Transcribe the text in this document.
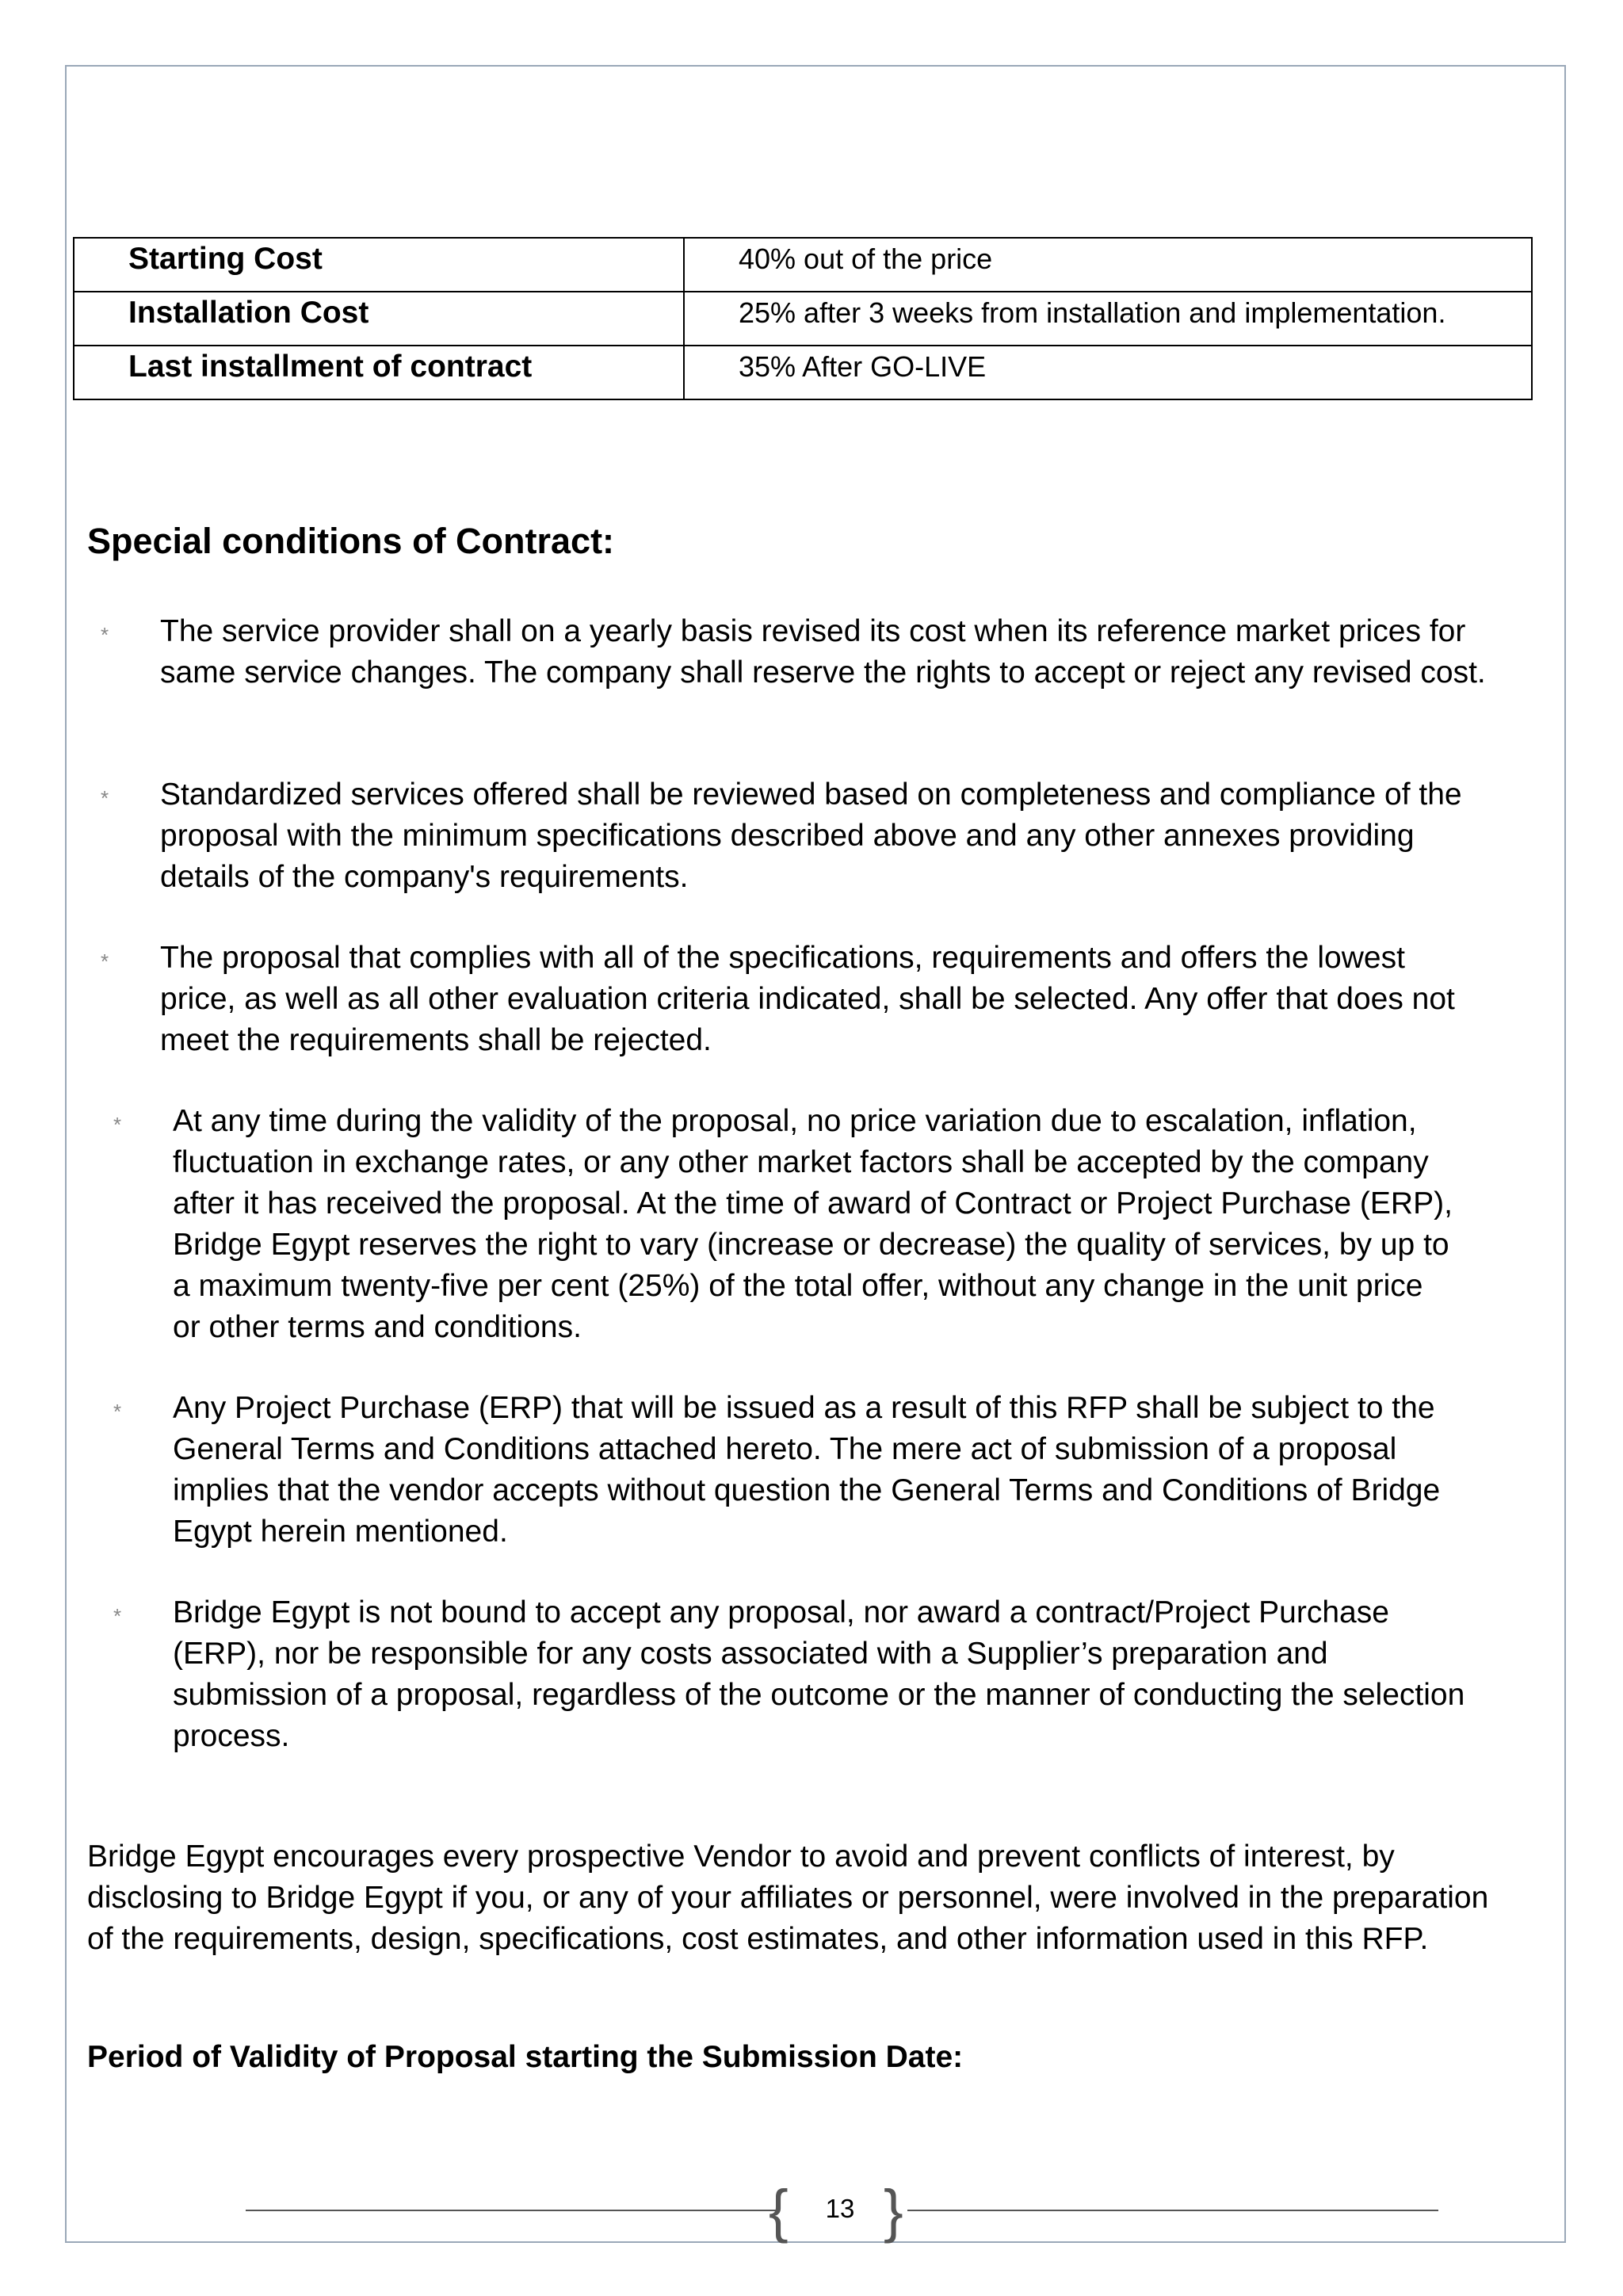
Starting Cost	40% out of the price
Installation Cost	25% after 3 weeks from installation and implementation.
Last installment of contract	35% After GO-LIVE
Special conditions of Contract:
* The service provider shall on a yearly basis revised its cost when its reference market prices for same service changes. The company shall reserve the rights to accept or reject any revised cost.
* Standardized services offered shall be reviewed based on completeness and compliance of the proposal with the minimum specifications described above and any other annexes providing details of the company's requirements.
* The proposal that complies with all of the specifications, requirements and offers the lowest price, as well as all other evaluation criteria indicated, shall be selected. Any offer that does not meet the requirements shall be rejected.
* At any time during the validity of the proposal, no price variation due to escalation, inflation, fluctuation in exchange rates, or any other market factors shall be accepted by the company after it has received the proposal. At the time of award of Contract or Project Purchase (ERP), Bridge Egypt reserves the right to vary (increase or decrease) the quality of services, by up to a maximum twenty-five per cent (25%) of the total offer, without any change in the unit price or other terms and conditions.
* Any Project Purchase (ERP) that will be issued as a result of this RFP shall be subject to the General Terms and Conditions attached hereto. The mere act of submission of a proposal implies that the vendor accepts without question the General Terms and Conditions of Bridge Egypt herein mentioned.
* Bridge Egypt is not bound to accept any proposal, nor award a contract/Project Purchase (ERP), nor be responsible for any costs associated with a Supplier’s preparation and submission of a proposal, regardless of the outcome or the manner of conducting the selection process.
Bridge Egypt encourages every prospective Vendor to avoid and prevent conflicts of interest, by disclosing to Bridge Egypt if you, or any of your affiliates or personnel, were involved in the preparation of the requirements, design, specifications, cost estimates, and other information used in this RFP.
Period of Validity of Proposal starting the Submission Date:
{	13 }
